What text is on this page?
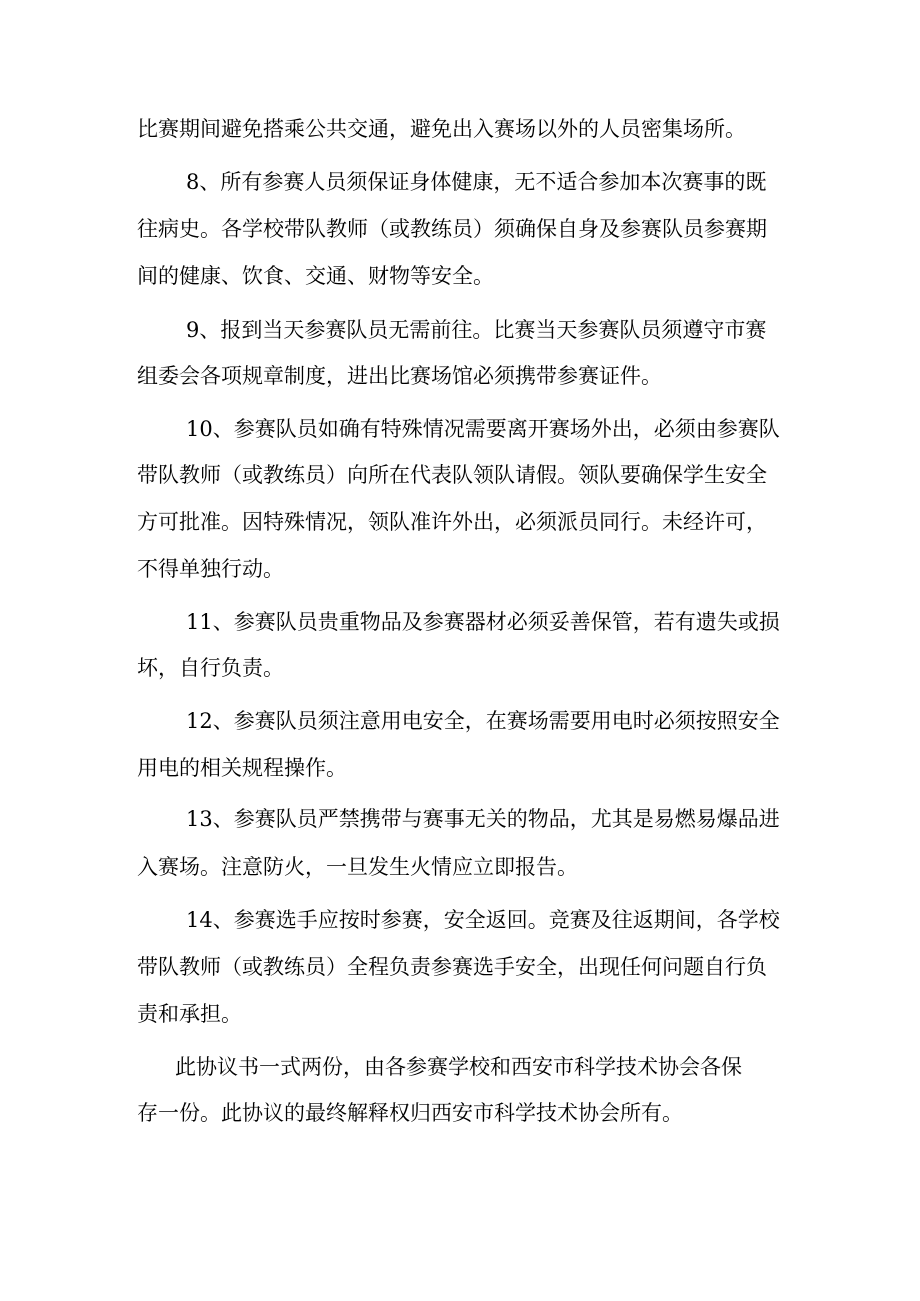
比赛期间避免搭乘公共交通，避免出入赛场以外的人员密集场所。

8、所有参赛人员须保证身体健康，无不适合参加本次赛事的既

往病史。各学校带队教师（或教练员）须确保自身及参赛队员参赛期

间的健康、饮食、交通、财物等安全。

9、报到当天参赛队员无需前往。比赛当天参赛队员须遵守市赛

组委会各项规章制度，进出比赛场馆必须携带参赛证件。

10、参赛队员如确有特殊情况需要离开赛场外出，必须由参赛队

带队教师（或教练员）向所在代表队领队请假。领队要确保学生安全

方可批准。因特殊情况，领队准许外出，必须派员同行。未经许可，

不得单独行动。

11、参赛队员贵重物品及参赛器材必须妥善保管，若有遗失或损

坏，自行负责。

12、参赛队员须注意用电安全，在赛场需要用电时必须按照安全

用电的相关规程操作。

13、参赛队员严禁携带与赛事无关的物品，尤其是易燃易爆品进

入赛场。注意防火，一旦发生火情应立即报告。

14、参赛选手应按时参赛，安全返回。竞赛及往返期间，各学校

带队教师（或教练员）全程负责参赛选手安全，出现任何问题自行负

责和承担。

此协议书一式两份，由各参赛学校和西安市科学技术协会各保

存一份。此协议的最终解释权归西安市科学技术协会所有。
